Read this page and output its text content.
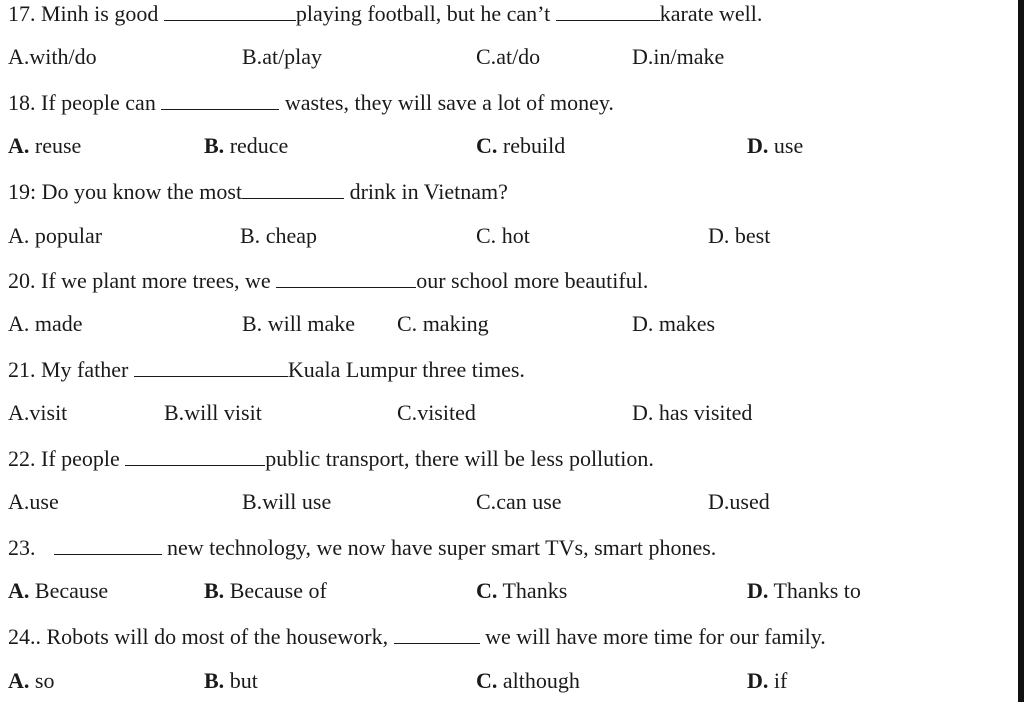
17. Minh is good	playing football, but he can’t	karate well.
A.with/do	B.at/play	C.at/do	D.in/make
18. If people can	wastes, they will save a lot of money.
A. reuse	B. reduce	C. rebuild	D. use
19: Do you know the most	drink in Vietnam?
A. popular	B. cheap	C. hot	D. best
20. If we plant more trees, we	our school more beautiful.
A. made	B. will make C. making	D. makes
21. My father	Kuala Lumpur three times.
A.visit	B.will visit	C.visited	D. has visited
22. If people	public transport, there will be less pollution.
A.use	B.will use	C.can use	D.used
23.	new technology, we now have super smart TVs, smart phones.
A. Because	B. Because of	C. Thanks	D. Thanks to
24.. Robots will do most of the housework,	we will have more time for our family.
A. so	B. but	C. although	D. if
